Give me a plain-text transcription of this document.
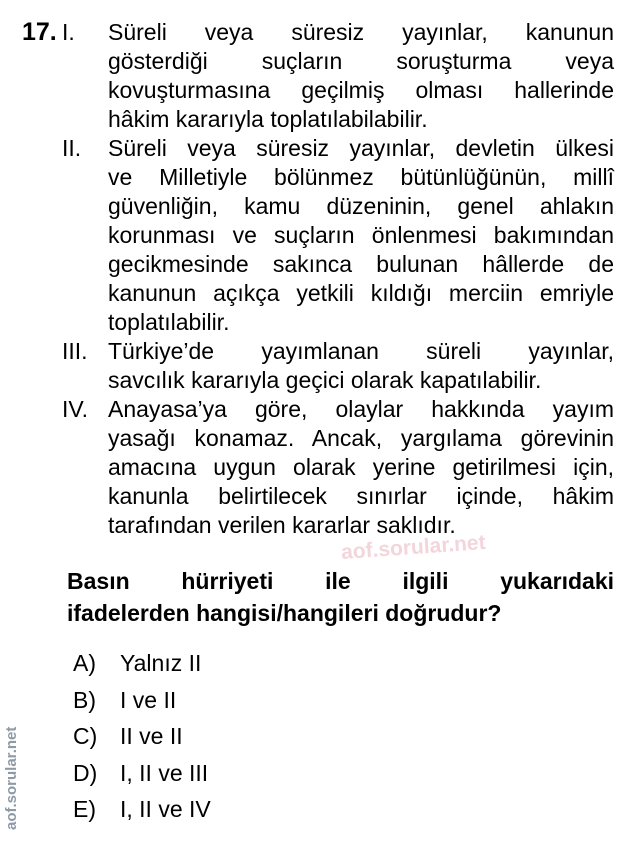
17. I. Süreli veya süresiz yayınlar, kanunun
gösterdiği suçların soruşturma veya
kovuşturmasına geçilmiş olması hallerinde
hâkim kararıyla toplatılabilabilir.
II. Süreli veya süresiz yayınlar, devletin ülkesi
ve Milletiyle bölünmez bütünlüğünün, millî
güvenliğin, kamu düzeninin, genel ahlakın
korunması ve suçların önlenmesi bakımından
gecikmesinde sakınca bulunan hâllerde de
kanunun açıkça yetkili kıldığı merciin emriyle
toplatılabilir.
III. Türkiye’de yayımlanan süreli yayınlar,
savcılık kararıyla geçici olarak kapatılabilir.
IV. Anayasa’ya göre, olaylar hakkında yayım
yasağı konamaz. Ancak, yargılama görevinin
amacına uygun olarak yerine getirilmesi için,
kanunla belirtilecek sınırlar içinde, hâkim
tarafından verilen kararlar saklıdır.
aof.sorular.net
Basın hürriyeti ile ilgili yukarıdaki
ifadelerden hangisi/hangileri doğrudur?
A)	Yalnız II
B)	I ve II
C) II ve II
D) I, II ve III
E)	I, II ve IV
aof.sorular.net
